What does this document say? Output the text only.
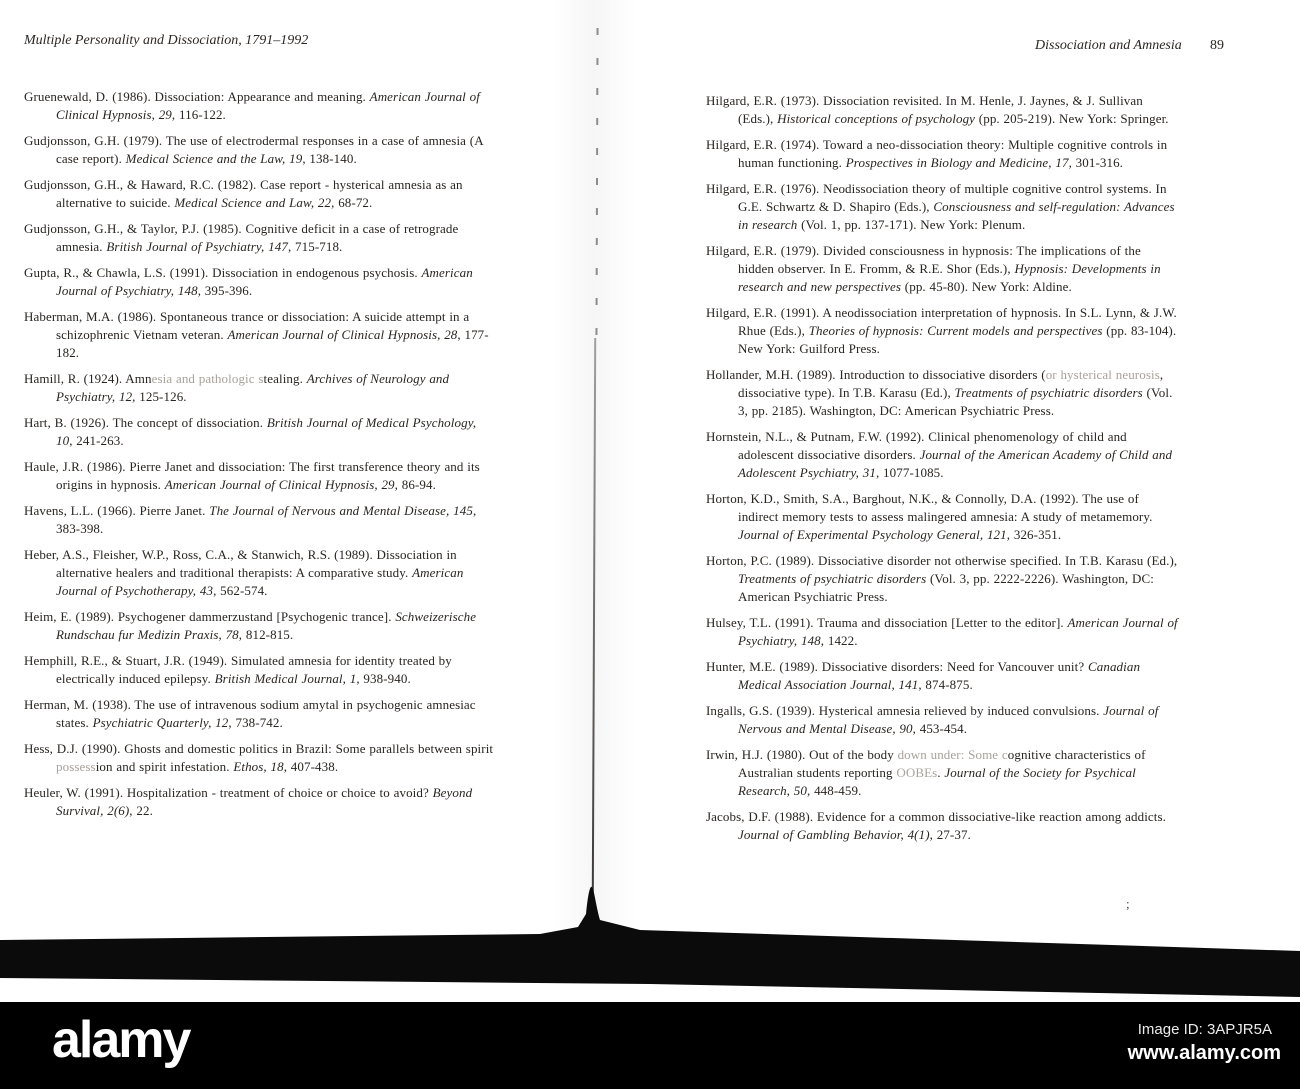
Multiple Personality and Dissociation, 1791–1992

Gruenewald, D. (1986). Dissociation: Appearance and meaning. American Journal of Clinical Hypnosis, 29, 116-122.

Gudjonsson, G.H. (1979). The use of electrodermal responses in a case of amnesia (A case report). Medical Science and the Law, 19, 138-140.

Gudjonsson, G.H., & Haward, R.C. (1982). Case report - hysterical amnesia as an alternative to suicide. Medical Science and Law, 22, 68-72.

Gudjonsson, G.H., & Taylor, P.J. (1985). Cognitive deficit in a case of retrograde amnesia. British Journal of Psychiatry, 147, 715-718.

Gupta, R., & Chawla, L.S. (1991). Dissociation in endogenous psychosis. American Journal of Psychiatry, 148, 395-396.

Haberman, M.A. (1986). Spontaneous trance or dissociation: A suicide attempt in a schizophrenic Vietnam veteran. American Journal of Clinical Hypnosis, 28, 177-182.

Hamill, R. (1924). Amnesia and pathologic stealing. Archives of Neurology and Psychiatry, 12, 125-126.

Hart, B. (1926). The concept of dissociation. British Journal of Medical Psychology, 10, 241-263.

Haule, J.R. (1986). Pierre Janet and dissociation: The first transference theory and its origins in hypnosis. American Journal of Clinical Hypnosis, 29, 86-94.

Havens, L.L. (1966). Pierre Janet. The Journal of Nervous and Mental Disease, 145, 383-398.

Heber, A.S., Fleisher, W.P., Ross, C.A., & Stanwich, R.S. (1989). Dissociation in alternative healers and traditional therapists: A comparative study. American Journal of Psychotherapy, 43, 562-574.

Heim, E. (1989). Psychogener dammerzustand [Psychogenic trance]. Schweizerische Rundschau fur Medizin Praxis, 78, 812-815.

Hemphill, R.E., & Stuart, J.R. (1949). Simulated amnesia for identity treated by electrically induced epilepsy. British Medical Journal, 1, 938-940.

Herman, M. (1938). The use of intravenous sodium amytal in psychogenic amnesiac states. Psychiatric Quarterly, 12, 738-742.

Hess, D.J. (1990). Ghosts and domestic politics in Brazil: Some parallels between spirit possession and spirit infestation. Ethos, 18, 407-438.

Heuler, W. (1991). Hospitalization - treatment of choice or choice to avoid? Beyond Survival, 2(6), 22.

Dissociation and Amnesia 89

Hilgard, E.R. (1973). Dissociation revisited. In M. Henle, J. Jaynes, & J. Sullivan (Eds.), Historical conceptions of psychology (pp. 205-219). New York: Springer.

Hilgard, E.R. (1974). Toward a neo-dissociation theory: Multiple cognitive controls in human functioning. Prospectives in Biology and Medicine, 17, 301-316.

Hilgard, E.R. (1976). Neodissociation theory of multiple cognitive control systems. In G.E. Schwartz & D. Shapiro (Eds.), Consciousness and self-regulation: Advances in research (Vol. 1, pp. 137-171). New York: Plenum.

Hilgard, E.R. (1979). Divided consciousness in hypnosis: The implications of the hidden observer. In E. Fromm, & R.E. Shor (Eds.), Hypnosis: Developments in research and new perspectives (pp. 45-80). New York: Aldine.

Hilgard, E.R. (1991). A neodissociation interpretation of hypnosis. In S.L. Lynn, & J.W. Rhue (Eds.), Theories of hypnosis: Current models and perspectives (pp. 83-104). New York: Guilford Press.

Hollander, M.H. (1989). Introduction to dissociative disorders (or hysterical neurosis, dissociative type). In T.B. Karasu (Ed.), Treatments of psychiatric disorders (Vol. 3, pp. 2185). Washington, DC: American Psychiatric Press.

Hornstein, N.L., & Putnam, F.W. (1992). Clinical phenomenology of child and adolescent dissociative disorders. Journal of the American Academy of Child and Adolescent Psychiatry, 31, 1077-1085.

Horton, K.D., Smith, S.A., Barghout, N.K., & Connolly, D.A. (1992). The use of indirect memory tests to assess malingered amnesia: A study of metamemory. Journal of Experimental Psychology General, 121, 326-351.

Horton, P.C. (1989). Dissociative disorder not otherwise specified. In T.B. Karasu (Ed.), Treatments of psychiatric disorders (Vol. 3, pp. 2222-2226). Washington, DC: American Psychiatric Press.

Hulsey, T.L. (1991). Trauma and dissociation [Letter to the editor]. American Journal of Psychiatry, 148, 1422.

Hunter, M.E. (1989). Dissociative disorders: Need for Vancouver unit? Canadian Medical Association Journal, 141, 874-875.

Ingalls, G.S. (1939). Hysterical amnesia relieved by induced convulsions. Journal of Nervous and Mental Disease, 90, 453-454.

Irwin, H.J. (1980). Out of the body down under: Some cognitive characteristics of Australian students reporting OOBEs. Journal of the Society for Psychical Research, 50, 448-459.

Jacobs, D.F. (1988). Evidence for a common dissociative-like reaction among addicts. Journal of Gambling Behavior, 4(1), 27-37.

;
alamy	Image ID: 3APJR5A
www.alamy.com
